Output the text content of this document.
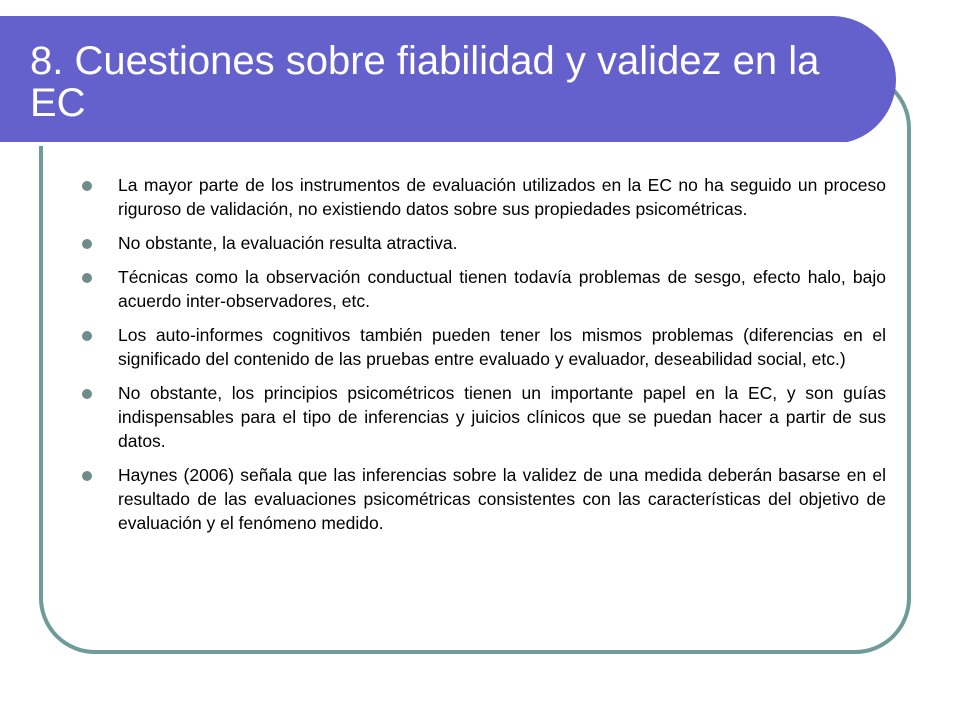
8. Cuestiones sobre fiabilidad y validez en la EC
La mayor parte de los instrumentos de evaluación utilizados en la EC no ha seguido un proceso riguroso de validación, no existiendo datos sobre sus propiedades psicométricas.
No obstante, la evaluación resulta atractiva.
Técnicas como la observación conductual tienen todavía problemas de sesgo, efecto halo, bajo acuerdo inter-observadores, etc.
Los auto-informes cognitivos también pueden tener los mismos problemas (diferencias en el significado del contenido de las pruebas entre evaluado y evaluador, deseabilidad social, etc.)
No obstante, los principios psicométricos tienen un importante papel en la EC, y son guías indispensables para el tipo de inferencias y juicios clínicos que se puedan hacer a partir de sus datos.
Haynes (2006) señala que las inferencias sobre la validez de una medida deberán basarse en el resultado de las evaluaciones psicométricas consistentes con las características del objetivo de evaluación y el fenómeno medido.
